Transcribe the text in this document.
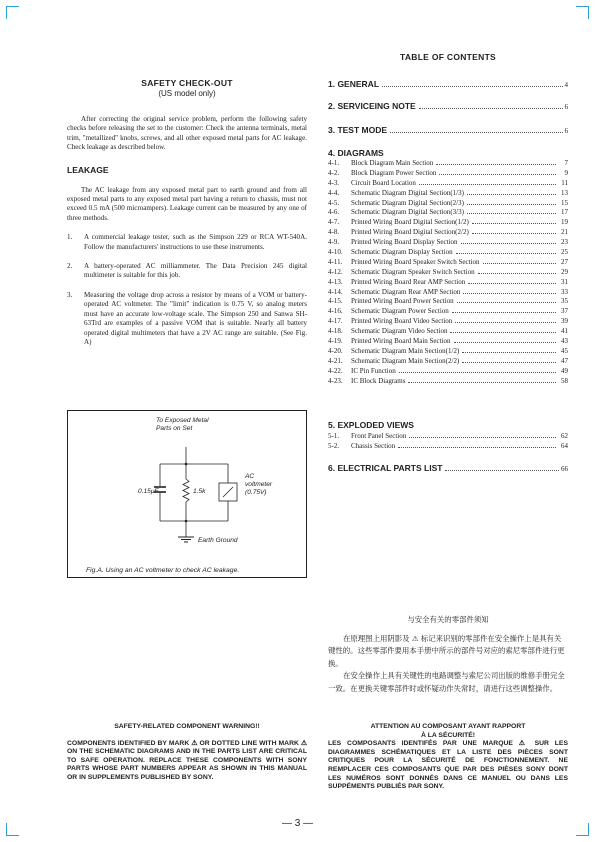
SAFETY CHECK-OUT
(US model only)

After correcting the original service problem, perform the following safety checks before releasing the set to the customer: Check the antenna terminals, metal trim, "metallized" knobs, screws, and all other exposed metal parts for AC leakage. Check leakage as described below.

LEAKAGE

The AC leakage from any exposed metal part to earth ground and from all exposed metal parts to any exposed metal part having a return to chassis, must not exceed 0.5 mA (500 microampers). Leakage current can be measured by any one of three methods.

1.	A commercial leakage tester, such as the Simpson 229 or RCA WT-540A. Follow the manufacturers' instructions to use these instruments.
2.	A battery-operated AC milliammeter. The Data Precision 245 digital multimeter is suitable for this job.
3.	Measuring the voltage drop across a resistor by means of a VOM or battery-operated AC voltmeter. The "limit" indication is 0.75 V, so analog meters must have an accurate low-voltage scale. The Simpson 250 and Sanwa SH-63Trd are examples of a passive VOM that is suitable. Nearly all battery operated digital multimeters that have a 2V AC range are suitable. (See Fig. A)
To Exposed Metal
Parts on Set
0.15μF	1.5k
AC
voltmeter
(0.75V)
Earth Ground
Fig.A. Using an AC voltmeter to check AC leakage.
TABLE OF CONTENTS
1. GENERAL	4
2. SERVICEING NOTE	6
3. TEST MODE	6
4. DIAGRAMS
4-1.	Block Diagram Main Section	7
4-2.	Block Diagram Power Section	9
4-3.	Circuit Board Location	11
4-4.	Schematic Diagram Digital Section(1/3)	13
4-5.	Schematic Diagram Digital Section(2/3)	15
4-6.	Schematic Diagram Digital Section(3/3)	17
4-7.	Printed Wiring Board Digital Section(1/2)	19
4-8.	Printed Wiring Board Digital Section(2/2)	21
4-9.	Printed Wiring Board Display Section	23
4-10.	Schematic Diagram Display Section	25
4-11.	Printed Wiring Board Speaker Switch Section	27
4-12.	Schematic Diagram Speaker Switch Section	29
4-13.	Printed Wiring Board Rear AMP Section	31
4-14.	Schematic Diagram Rear AMP Section	33
4-15.	Printed Wiring Board Power Section	35
4-16.	Schematic Diagram Power Section	37
4-17.	Printed Wiring Board Video Section	39
4-18.	Schematic Diagram Video Section	41
4-19.	Printed Wiring Board Main Section	43
4-20.	Schematic Diagram Main Section(1/2)	45
4-21.	Schematic Diagram Main Section(2/2)	47
4-22.	IC Pin Function	49
4-23.	IC Block Diagrams	58
5. EXPLODED VIEWS
5-1.	Front Panel Section	62
5-2.	Chassis Section	64
6. ELECTRICAL PARTS LIST	66
与安全有关的零部件须知

在原理图上用阴影及 ⚠ 标记来识别的零部件在安全操作上是具有关键性的。这些零部件要用本手册中所示的部件号对应的索尼零部件进行更换。

在安全操作上具有关键性的电路调整与索尼公司出版的维修手册完全一致。在更换关键零部件时或怀疑动作失常时，请进行这些调整操作。

SAFETY-RELATED COMPONENT WARNING!!
COMPONENTS IDENTIFIED BY MARK ⚠ OR DOTTED LINE WITH MARK ⚠ ON THE SCHEMATIC DIAGRAMS AND IN THE PARTS LIST ARE CRITICAL TO SAFE OPERATION. REPLACE THESE COMPONENTS WITH SONY PARTS WHOSE PART NUMBERS APPEAR AS SHOWN IN THIS MANUAL OR IN SUPPLEMENTS PUBLISHED BY SONY.
ATTENTION AU COMPOSANT AYANT RAPPORT
À LA SÉCURITÉ!
LES COMPOSANTS IDENTIFÉS PAR UNE MARQUE ⚠ SUR LES DIAGRAMMES SCHÉMATIQUES ET LA LISTE DES PIÈCES SONT CRITIQUES POUR LA SÉCURITÉ DE FONCTIONNEMENT. NE REMPLACER CES COMPOSANTS QUE PAR DES PIÈSES SONY DONT LES NUMÉROS SONT DONNÉS DANS CE MANUEL OU DANS LES SUPPÉMENTS PUBLIÉS PAR SONY.
— 3 —
